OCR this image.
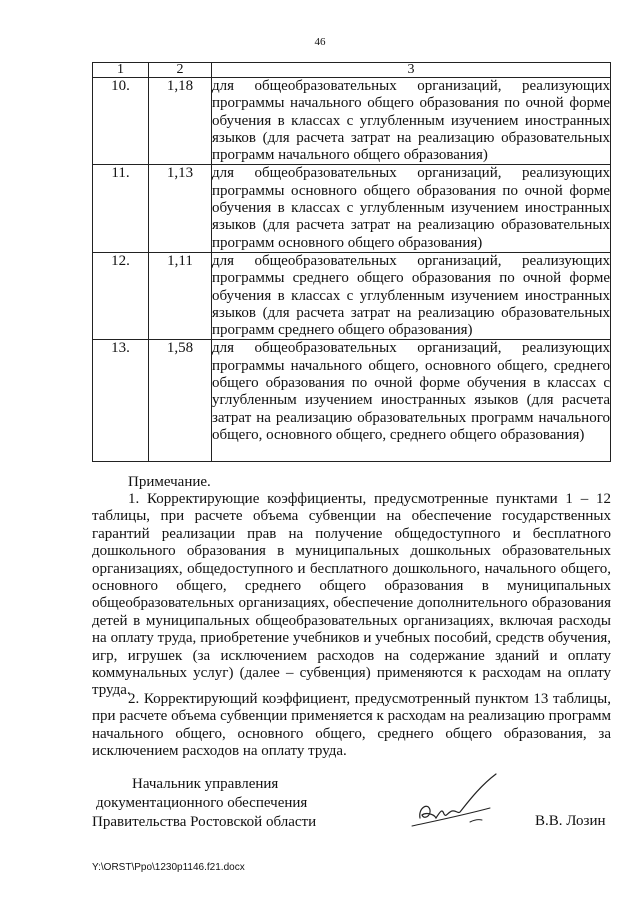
46
1	2	3
10.	1,18	для общеобразовательных организаций, реализующих программы начального общего образования по очной форме обучения в классах с углубленным изучением иностранных языков (для расчета затрат на реализацию образовательных программ начального общего образования)
11.	1,13	для общеобразовательных организаций, реализующих программы основного общего образования по очной форме обучения в классах с углубленным изучением иностранных языков (для расчета затрат на реализацию образовательных программ основного общего образования)
12.	1,11	для общеобразовательных организаций, реализующих программы среднего общего образования по очной форме обучения в классах с углубленным изучением иностранных языков (для расчета затрат на реализацию образовательных программ среднего общего образования)
13.	1,58	для общеобразовательных организаций, реализующих программы начального общего, основного общего, среднего общего образования по очной форме обучения в классах с углубленным изучением иностранных языков (для расчета затрат на реализацию образовательных программ начального общего, основного общего, среднего общего образования)
Примечание.
1. Корректирующие коэффициенты, предусмотренные пунктами 1 – 12 таблицы, при расчете объема субвенции на обеспечение государственных гарантий реализации прав на получение общедоступного и бесплатного дошкольного образования в муниципальных дошкольных образовательных организациях, общедоступного и бесплатного дошкольного, начального общего, основного общего, среднего общего образования в муниципальных общеобразовательных организациях, обеспечение дополнительного образования детей в муниципальных общеобразовательных организациях, включая расходы на оплату труда, приобретение учебников и учебных пособий, средств обучения, игр, игрушек (за исключением расходов на содержание зданий и оплату коммунальных услуг) (далее – субвенция) применяются к расходам на оплату труда.
2. Корректирующий коэффициент, предусмотренный пунктом 13 таблицы, при расчете объема субвенции применяется к расходам на реализацию программ начального общего, основного общего, среднего общего образования, за исключением расходов на оплату труда.
Начальник управления
документационного обеспечения
Правительства Ростовской области	В.В. Лозин
Y:\ORST\Ppo\1230p1146.f21.docx
